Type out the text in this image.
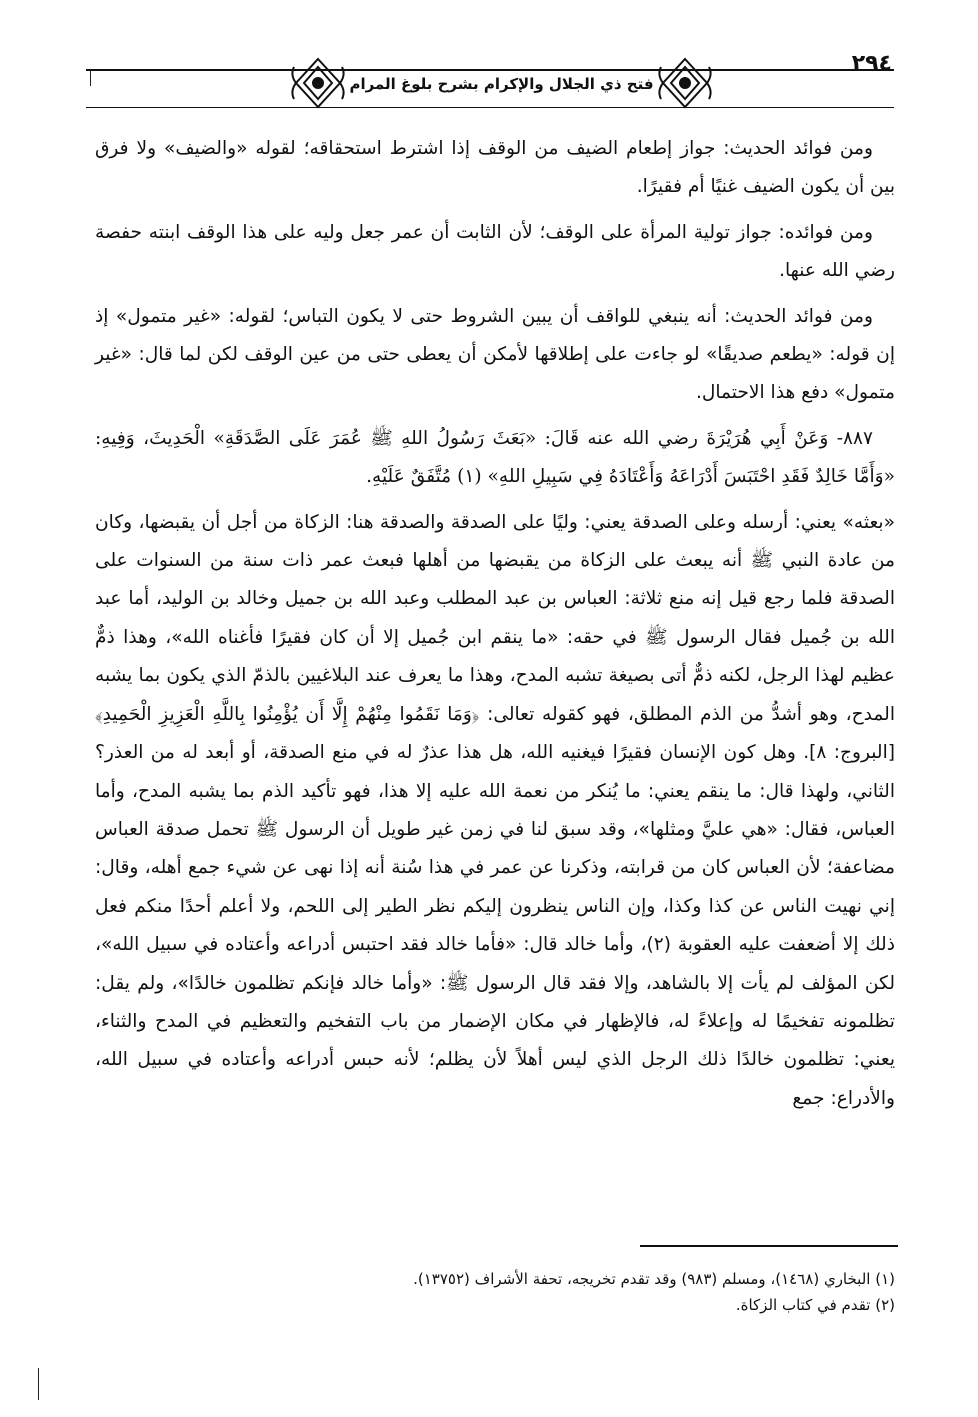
فتح ذي الجلال والإكرام بشرح بلوغ المرام
٢٩٤

ومن فوائد الحديث: جواز إطعام الضيف من الوقف إذا اشترط استحقاقه؛ لقوله «والضيف» ولا فرق بين أن يكون الضيف غنيًا أم فقيرًا.

ومن فوائده: جواز تولية المرأة على الوقف؛ لأن الثابت أن عمر جعل وليه على هذا الوقف ابنته حفصة رضي الله عنها.

ومن فوائد الحديث: أنه ينبغي للواقف أن يبين الشروط حتى لا يكون التباس؛ لقوله: «غير متمول» إذ إن قوله: «يطعم صديقًا» لو جاءت على إطلاقها لأمكن أن يعطى حتى من عين الوقف لكن لما قال: «غير متمول» دفع هذا الاحتمال.

٨٨٧- وَعَنْ أَبِي هُرَيْرَةَ رضي الله عنه قَالَ: «بَعَثَ رَسُولُ اللهِ ﷺ عُمَرَ عَلَى الصَّدَقَةِ» الْحَدِيثَ، وَفِيهِ: «وَأَمَّا خَالِدٌ فَقَدِ احْتَبَسَ أَدْرَاعَهُ وَأَعْتَادَهُ فِي سَبِيلِ اللهِ» (١) مُتَّفَقٌ عَلَيْهِ.

«بعثه» يعني: أرسله وعلى الصدقة يعني: وليًا على الصدقة والصدقة هنا: الزكاة من أجل أن يقبضها، وكان من عادة النبي ﷺ أنه يبعث على الزكاة من يقبضها من أهلها فبعث عمر ذات سنة من السنوات على الصدقة فلما رجع قيل إنه منع ثلاثة: العباس بن عبد المطلب وعبد الله بن جميل وخالد بن الوليد، أما عبد الله بن جُميل فقال الرسول ﷺ في حقه: «ما ينقم ابن جُميل إلا أن كان فقيرًا فأغناه الله»، وهذا ذمٌّ عظيم لهذا الرجل، لكنه ذمٌّ أتى بصيغة تشبه المدح، وهذا ما يعرف عند البلاغيين بالذمّ الذي يكون بما يشبه المدح، وهو أشدُّ من الذم المطلق، فهو كقوله تعالى: ﴿وَمَا نَقَمُوا مِنْهُمْ إِلَّا أَن يُؤْمِنُوا بِاللَّهِ الْعَزِيزِ الْحَمِيدِ﴾ [البروج: ٨]. وهل كون الإنسان فقيرًا فيغنيه الله، هل هذا عذرٌ له في منع الصدقة، أو أبعد له من العذر؟ الثاني، ولهذا قال: ما ينقم يعني: ما يُنكر من نعمة الله عليه إلا هذا، فهو تأكيد الذم بما يشبه المدح، وأما العباس، فقال: «هي عليَّ ومثلها»، وقد سبق لنا في زمن غير طويل أن الرسول ﷺ تحمل صدقة العباس مضاعفة؛ لأن العباس كان من قرابته، وذكرنا عن عمر في هذا سُنة أنه إذا نهى عن شيء جمع أهله، وقال: إني نهيت الناس عن كذا وكذا، وإن الناس ينظرون إليكم نظر الطير إلى اللحم، ولا أعلم أحدًا منكم فعل ذلك إلا أضعفت عليه العقوبة (٢)، وأما خالد قال: «فأما خالد فقد احتبس أدراعه وأعتاده في سبيل الله»، لكن المؤلف لم يأت إلا بالشاهد، وإلا فقد قال الرسول ﷺ: «وأما خالد فإنكم تظلمون خالدًا»، ولم يقل: تظلمونه تفخيمًا له وإعلاءً له، فالإظهار في مكان الإضمار من باب التفخيم والتعظيم في المدح والثناء، يعني: تظلمون خالدًا ذلك الرجل الذي ليس أهلاً لأن يظلم؛ لأنه حبس أدراعه وأعتاده في سبيل الله، والأدراع: جمع

(١) البخاري (١٤٦٨)، ومسلم (٩٨٣) وقد تقدم تخريجه، تحفة الأشراف (١٣٧٥٢).
(٢) تقدم في كتاب الزكاة.
